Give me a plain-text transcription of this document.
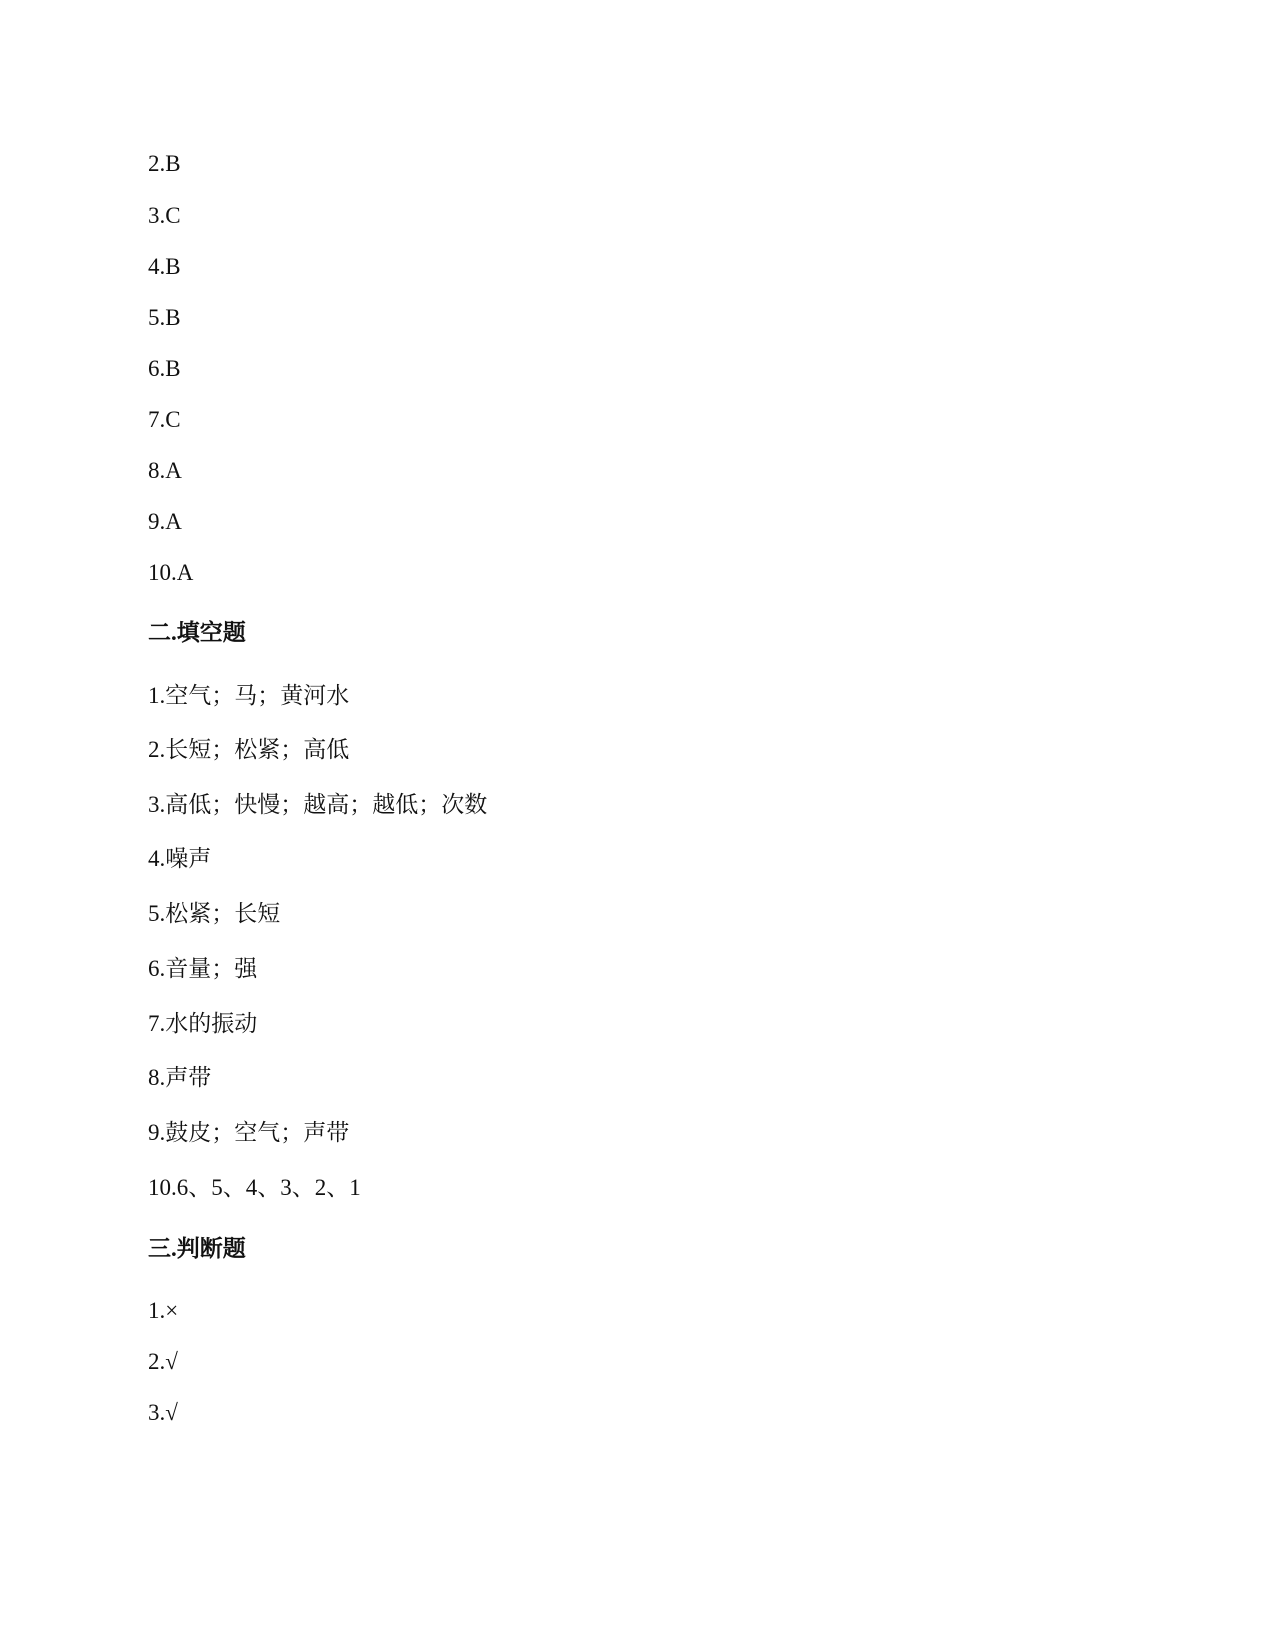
2.B
3.C
4.B
5.B
6.B
7.C
8.A
9.A
10.A
二.填空题
1.空气；马；黄河水
2.长短；松紧；高低
3.高低；快慢；越高；越低；次数
4.噪声
5.松紧；长短
6.音量；强
7.水的振动
8.声带
9.鼓皮；空气；声带
10.6、5、4、3、2、1
三.判断题
1.×
2.√
3.√
